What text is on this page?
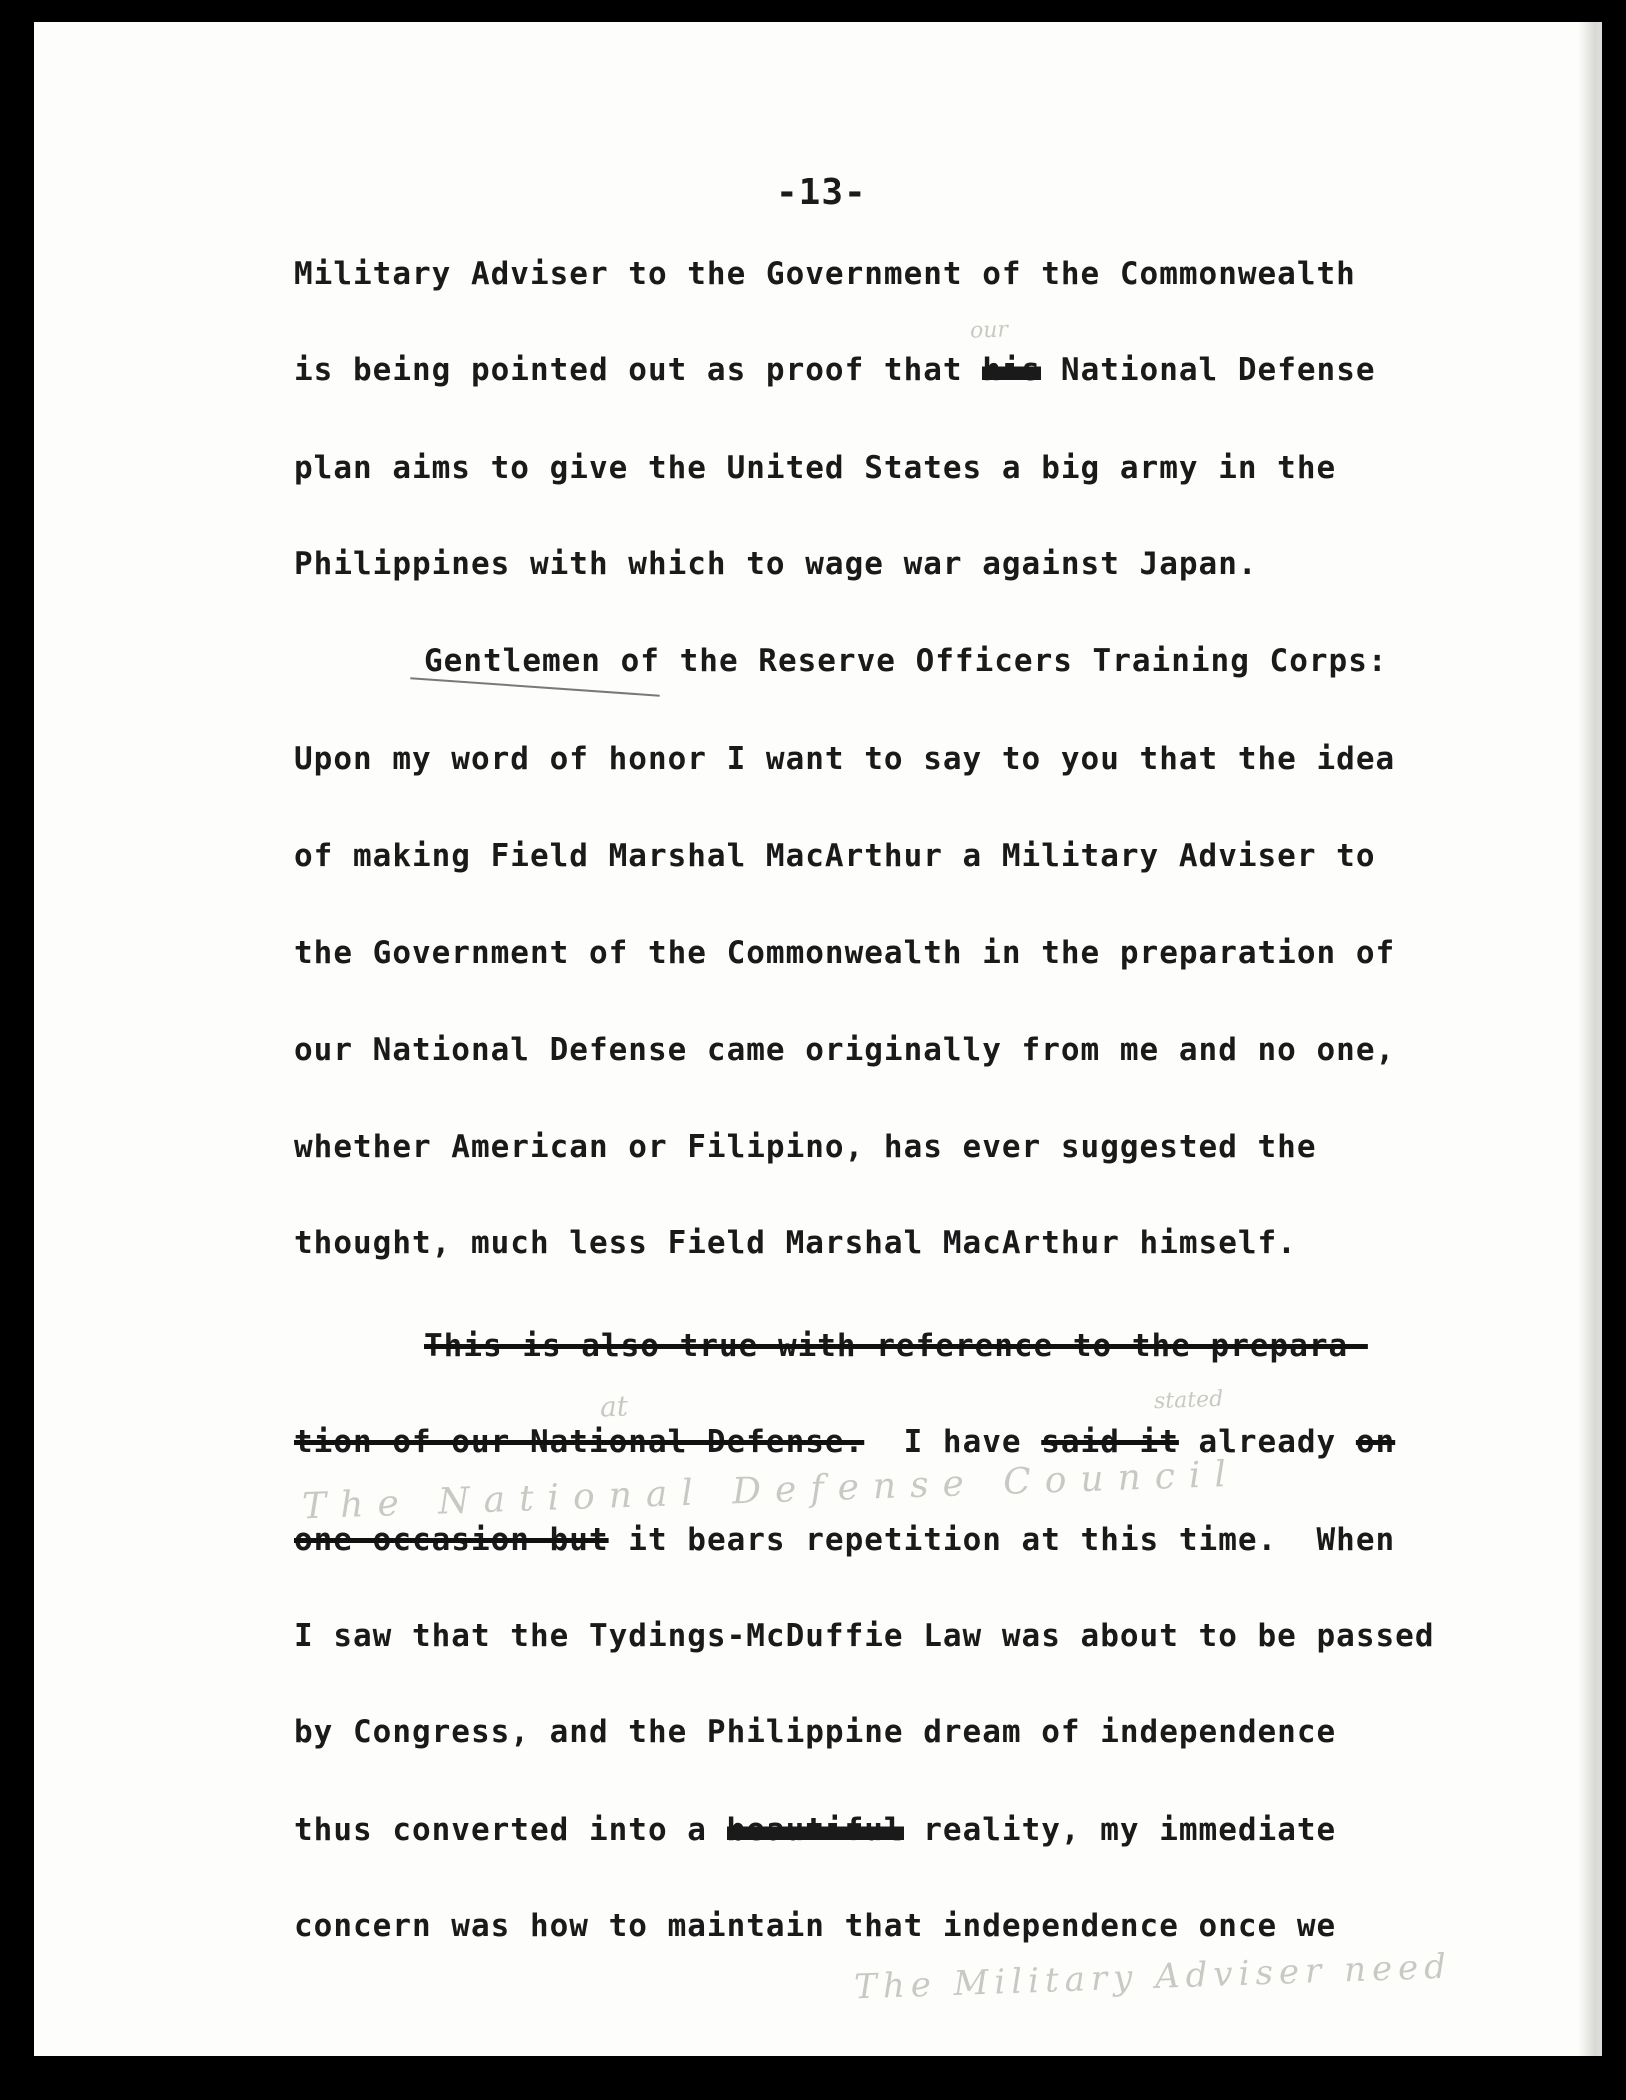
-13-
Military Adviser to the Government of the Commonwealth
is being pointed out as proof that his National Defense
plan aims to give the United States a big army in the
Philippines with which to wage war against Japan.
Gentlemen of the Reserve Officers Training Corps:
Upon my word of honor I want to say to you that the idea
of making Field Marshal MacArthur a Military Adviser to
the Government of the Commonwealth in the preparation of
our National Defense came originally from me and no one,
whether American or Filipino, has ever suggested the
thought, much less Field Marshal MacArthur himself.
This is also true with reference to the prepara-
tion of our National Defense. I have said it already on
one occasion but it bears repetition at this time.  When
I saw that the Tydings-McDuffie Law was about to be passed
by Congress, and the Philippine dream of independence
thus converted into a beautiful reality, my immediate
concern was how to maintain that independence once we
our
at	stated
The National Defense Council
The Military Adviser need
